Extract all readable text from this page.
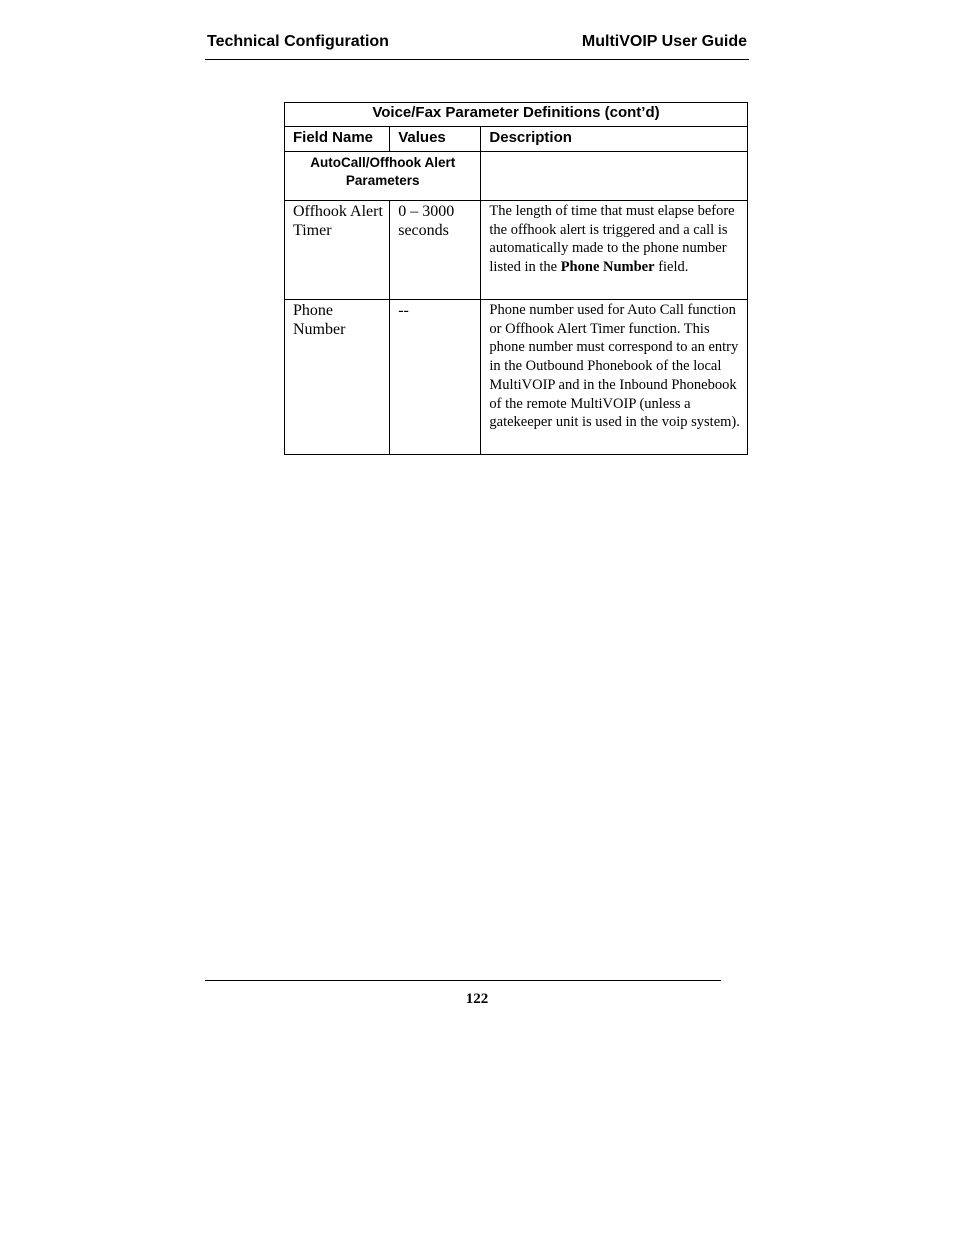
Technical Configuration	MultiVOIP User Guide
Voice/Fax Parameter Definitions (cont’d)		
Field Name	Values	Description
AutoCall/Offhook Alert Parameters		
Offhook Alert Timer	0 – 3000 seconds	The length of time that must elapse before the offhook alert is triggered and a call is automatically made to the phone number listed in the Phone Number field.
Phone Number	--	Phone number used for Auto Call function or Offhook Alert Timer function. This phone number must correspond to an entry in the Outbound Phonebook of the local MultiVOIP and in the Inbound Phonebook of the remote MultiVOIP (unless a gatekeeper unit is used in the voip system).
122
